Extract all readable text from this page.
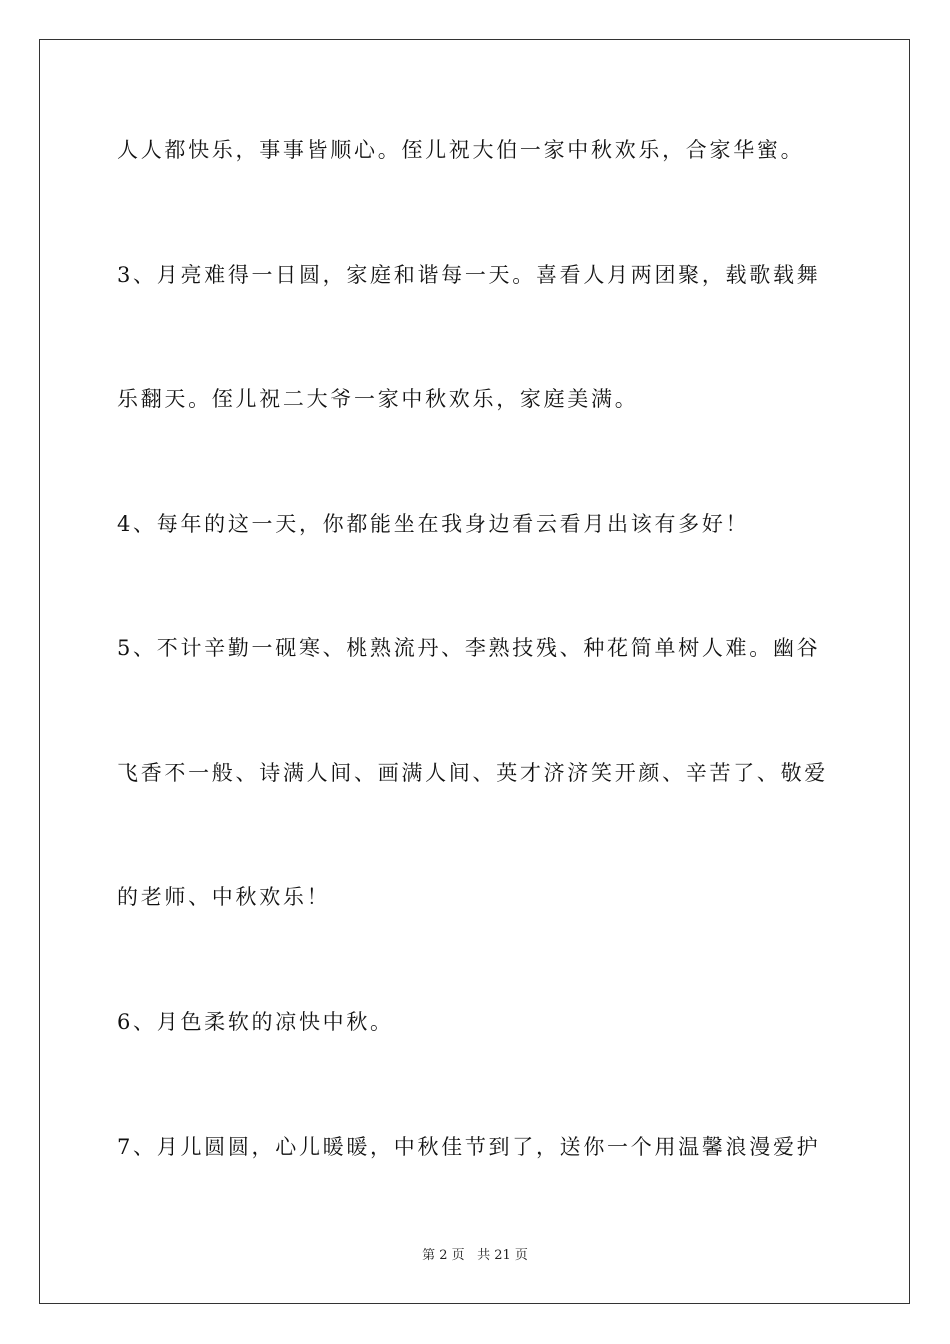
人人都快乐，事事皆顺心。侄儿祝大伯一家中秋欢乐，合家华蜜。
3、月亮难得一日圆，家庭和谐每一天。喜看人月两团聚，载歌载舞
乐翻天。侄儿祝二大爷一家中秋欢乐，家庭美满。
4、每年的这一天，你都能坐在我身边看云看月出该有多好！
5、不计辛勤一砚寒、桃熟流丹、李熟技残、种花简单树人难。幽谷
飞香不一般、诗满人间、画满人间、英才济济笑开颜、辛苦了、敬爱
的老师、中秋欢乐！
6、月色柔软的凉快中秋。
7、月儿圆圆，心儿暖暖，中秋佳节到了，送你一个用温馨浪漫爱护
第 2 页 共 21 页
